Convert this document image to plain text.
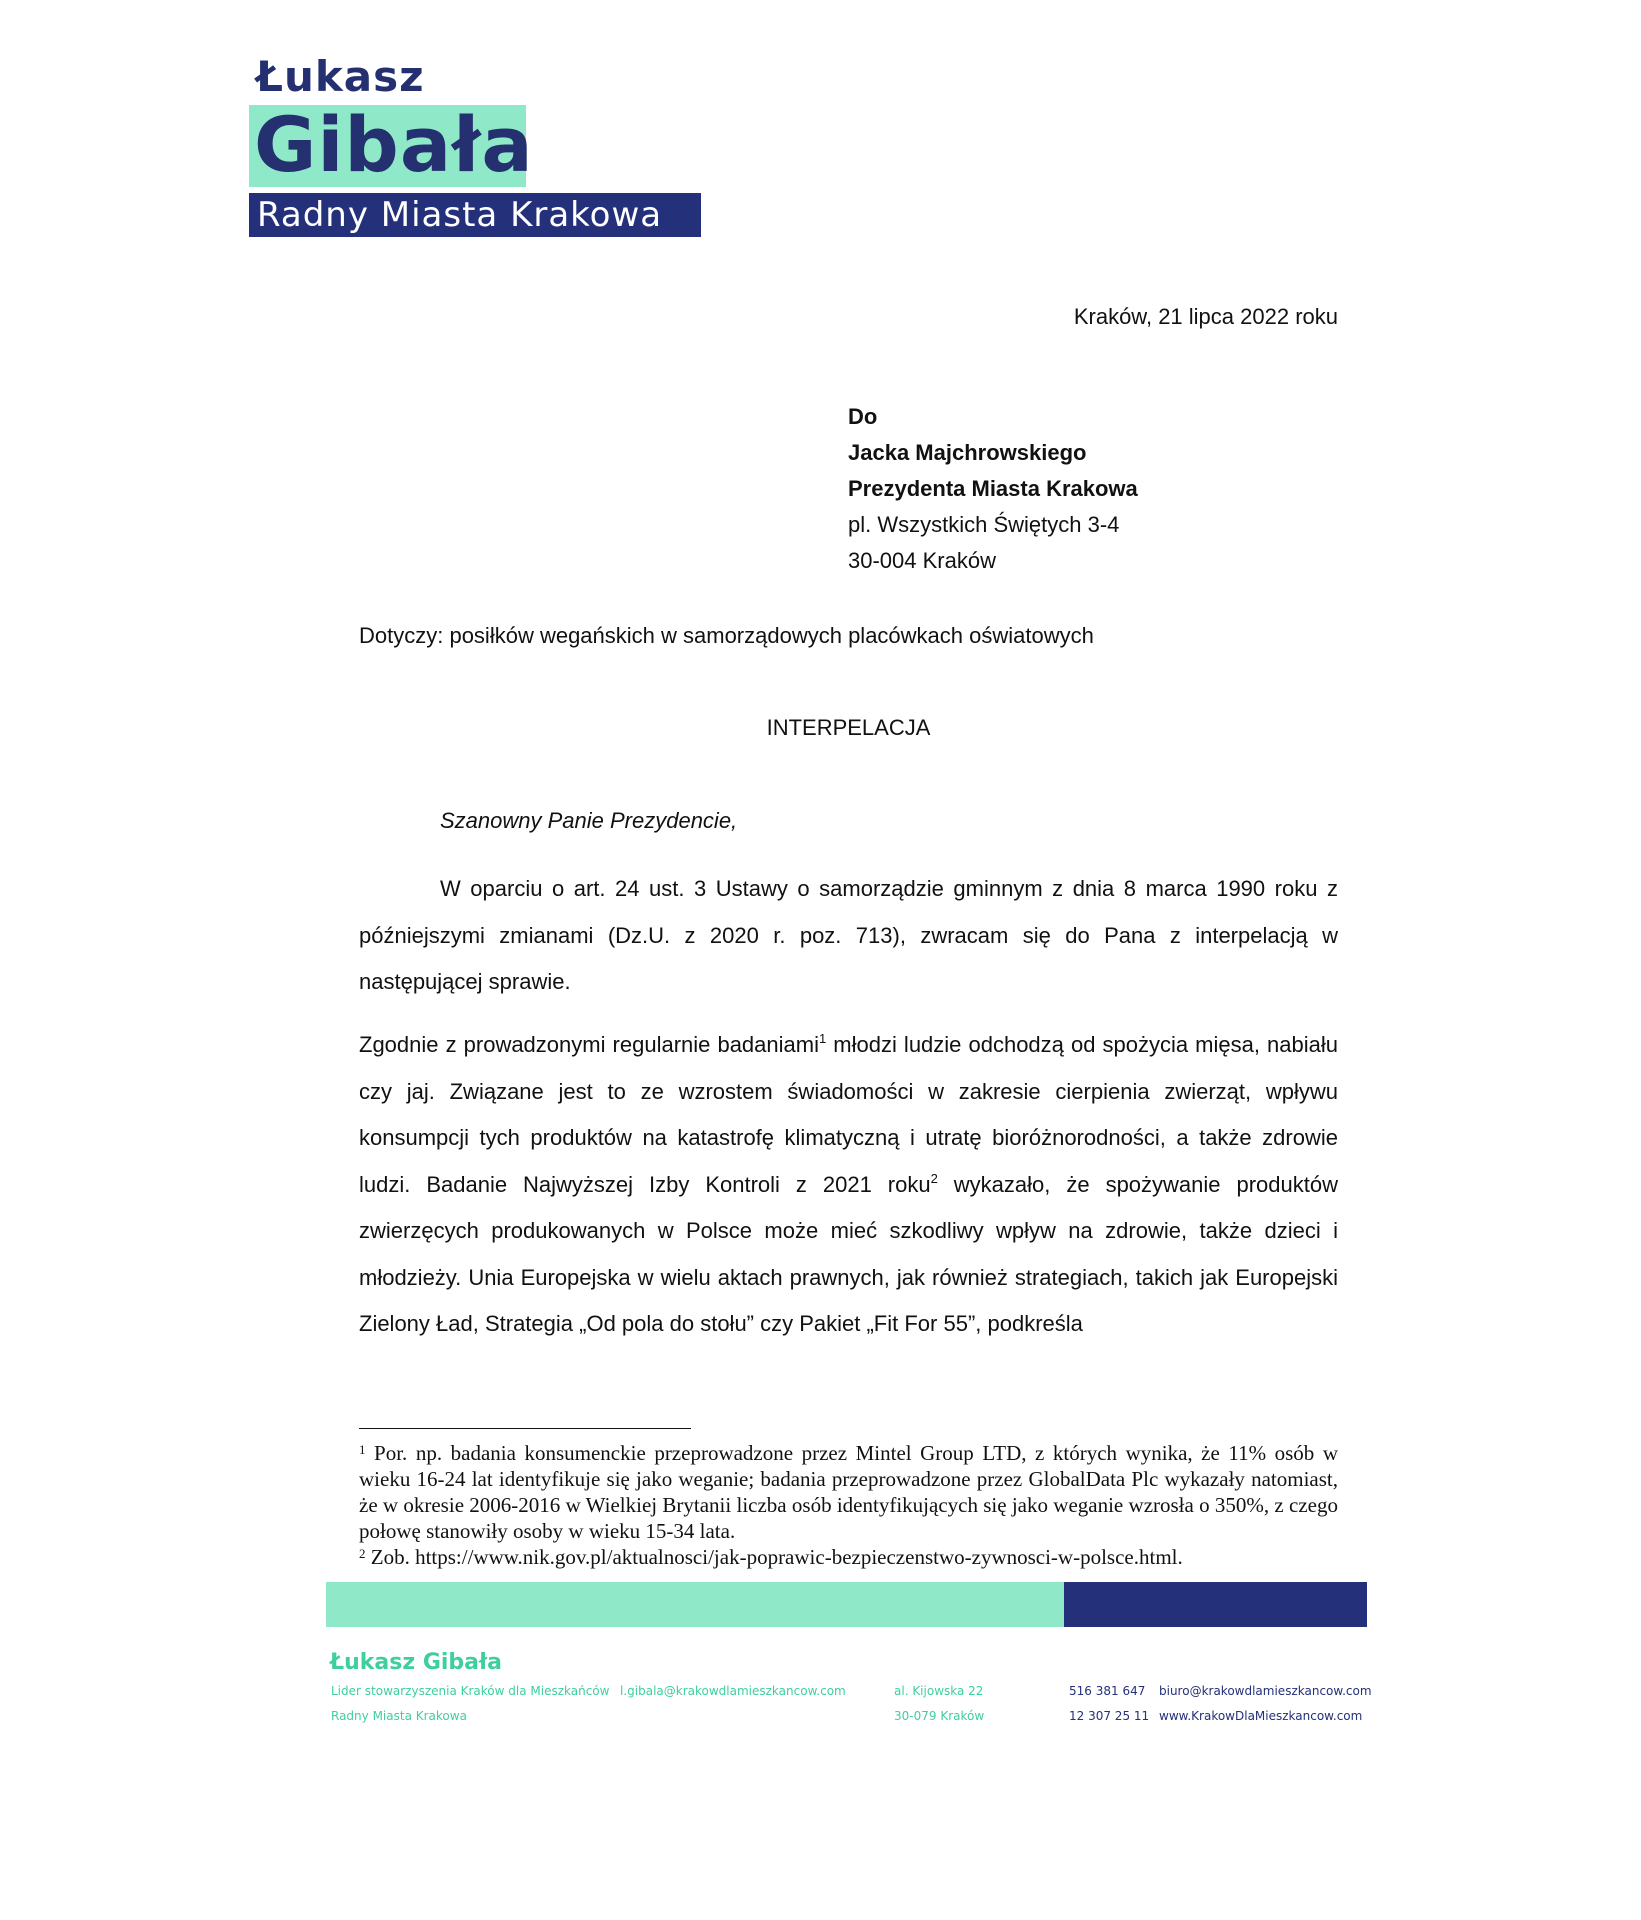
Łukasz
Gibała
Radny Miasta Krakowa
Kraków, 21 lipca 2022 roku
Do
Jacka Majchrowskiego
Prezydenta Miasta Krakowa
pl. Wszystkich Świętych 3-4
30-004 Kraków
Dotyczy: posiłków wegańskich w samorządowych placówkach oświatowych
INTERPELACJA
Szanowny Panie Prezydencie,
W oparciu o art. 24 ust. 3 Ustawy o samorządzie gminnym z dnia 8 marca 1990 roku z późniejszymi zmianami (Dz.U. z 2020 r. poz. 713), zwracam się do Pana z interpelacją w następującej sprawie.
Zgodnie z prowadzonymi regularnie badaniami$^1$ młodzi ludzie odchodzą od spożycia mięsa, nabiału czy jaj. Związane jest to ze wzrostem świadomości w zakresie cierpienia zwierząt, wpływu konsumpcji tych produktów na katastrofę klimatyczną i utratę bioróżnorodności, a także zdrowie ludzi. Badanie Najwyższej Izby Kontroli z 2021 roku$^2$ wykazało, że spożywanie produktów zwierzęcych produkowanych w Polsce może mieć szkodliwy wpływ na zdrowie, także dzieci i młodzieży. Unia Europejska w wielu aktach prawnych, jak również strategiach, takich jak Europejski Zielony Ład, Strategia „Od pola do stołu” czy Pakiet „Fit For 55”, podkreśla

$^1$ Por. np. badania konsumenckie przeprowadzone przez Mintel Group LTD, z których wynika, że 11% osób w wieku 16-24 lat identyfikuje się jako weganie; badania przeprowadzone przez GlobalData Plc wykazały natomiast, że w okresie 2006-2016 w Wielkiej Brytanii liczba osób identyfikujących się jako weganie wzrosła o 350%, z czego połowę stanowiły osoby w wieku 15-34 lata.

$^2$ Zob. https://www.nik.gov.pl/aktualnosci/jak-poprawic-bezpieczenstwo-zywnosci-w-polsce.html.

Łukasz Gibała
Lider stowarzyszenia Kraków dla Mieszkańców
Radny Miasta Krakowa
l.gibala@krakowdlamieszkancow.com	al. Kijowska 22
30-079 Kraków
516 381 647
12 307 25 11
biuro@krakowdlamieszkancow.com
www.KrakowDlaMieszkancow.com
